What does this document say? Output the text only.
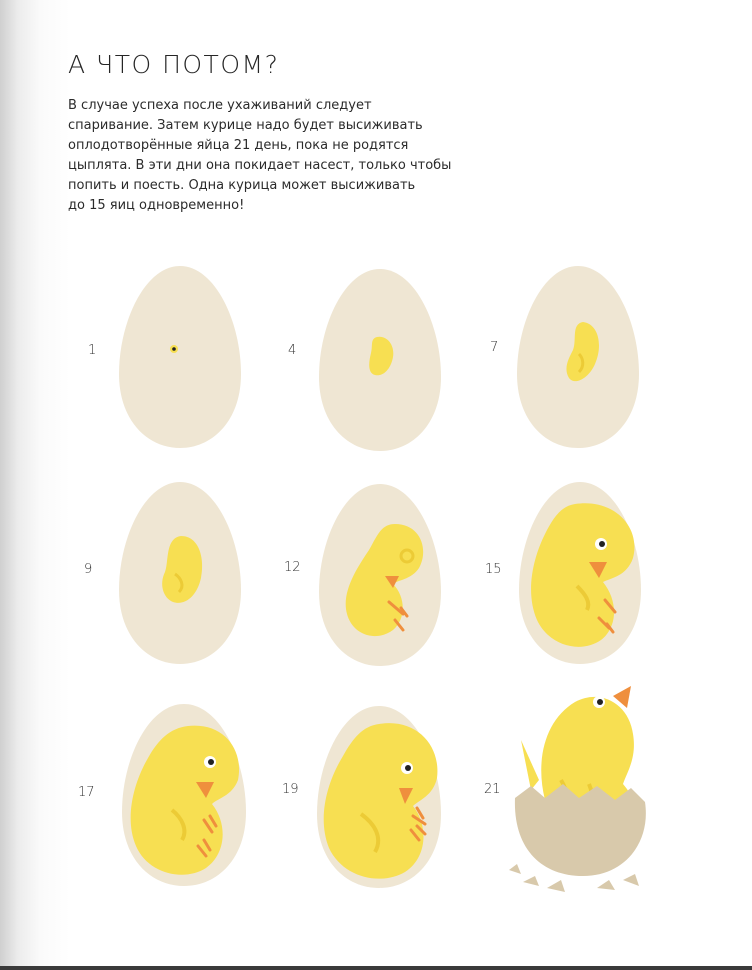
А ЧТО ПОТОМ?

В случае успеха после ухаживаний следует
спаривание. Затем курице надо будет высиживать
оплодотворённые яйца 21 день, пока не родятся
цыплята. В эти дни она покидает насест, только чтобы
попить и поесть. Одна курица может высиживать
до 15 яиц одновременно!

1	4	7
9	12	15
17	19	21
